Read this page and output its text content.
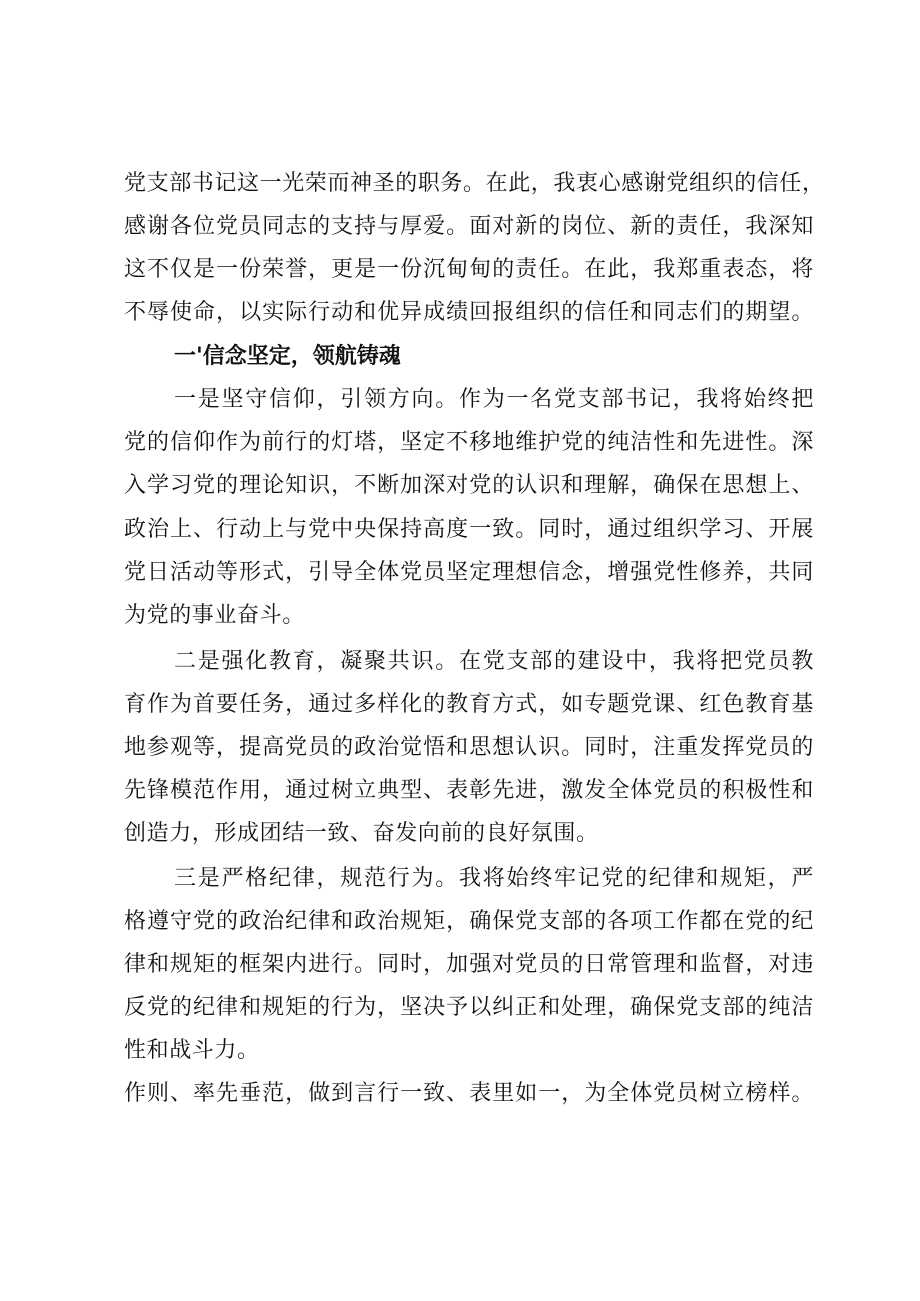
党支部书记这一光荣而神圣的职务。在此，我衷心感谢党组织的信任，
感谢各位党员同志的支持与厚爱。面对新的岗位、新的责任，我深知
这不仅是一份荣誉，更是一份沉甸甸的责任。在此，我郑重表态，将
不辱使命，以实际行动和优异成绩回报组织的信任和同志们的期望。
一'信念坚定，领航铸魂
一是坚守信仰，引领方向。作为一名党支部书记，我将始终把
党的信仰作为前行的灯塔，坚定不移地维护党的纯洁性和先进性。深
入学习党的理论知识，不断加深对党的认识和理解，确保在思想上、
政治上、行动上与党中央保持高度一致。同时，通过组织学习、开展
党日活动等形式，引导全体党员坚定理想信念，增强党性修养，共同
为党的事业奋斗。
二是强化教育，凝聚共识。在党支部的建设中，我将把党员教
育作为首要任务，通过多样化的教育方式，如专题党课、红色教育基
地参观等，提高党员的政治觉悟和思想认识。同时，注重发挥党员的
先锋模范作用，通过树立典型、表彰先进，激发全体党员的积极性和
创造力，形成团结一致、奋发向前的良好氛围。
三是严格纪律，规范行为。我将始终牢记党的纪律和规矩，严
格遵守党的政治纪律和政治规矩，确保党支部的各项工作都在党的纪
律和规矩的框架内进行。同时，加强对党员的日常管理和监督，对违
反党的纪律和规矩的行为，坚决予以纠正和处理，确保党支部的纯洁
性和战斗力。
作则、率先垂范，做到言行一致、表里如一，为全体党员树立榜样。
